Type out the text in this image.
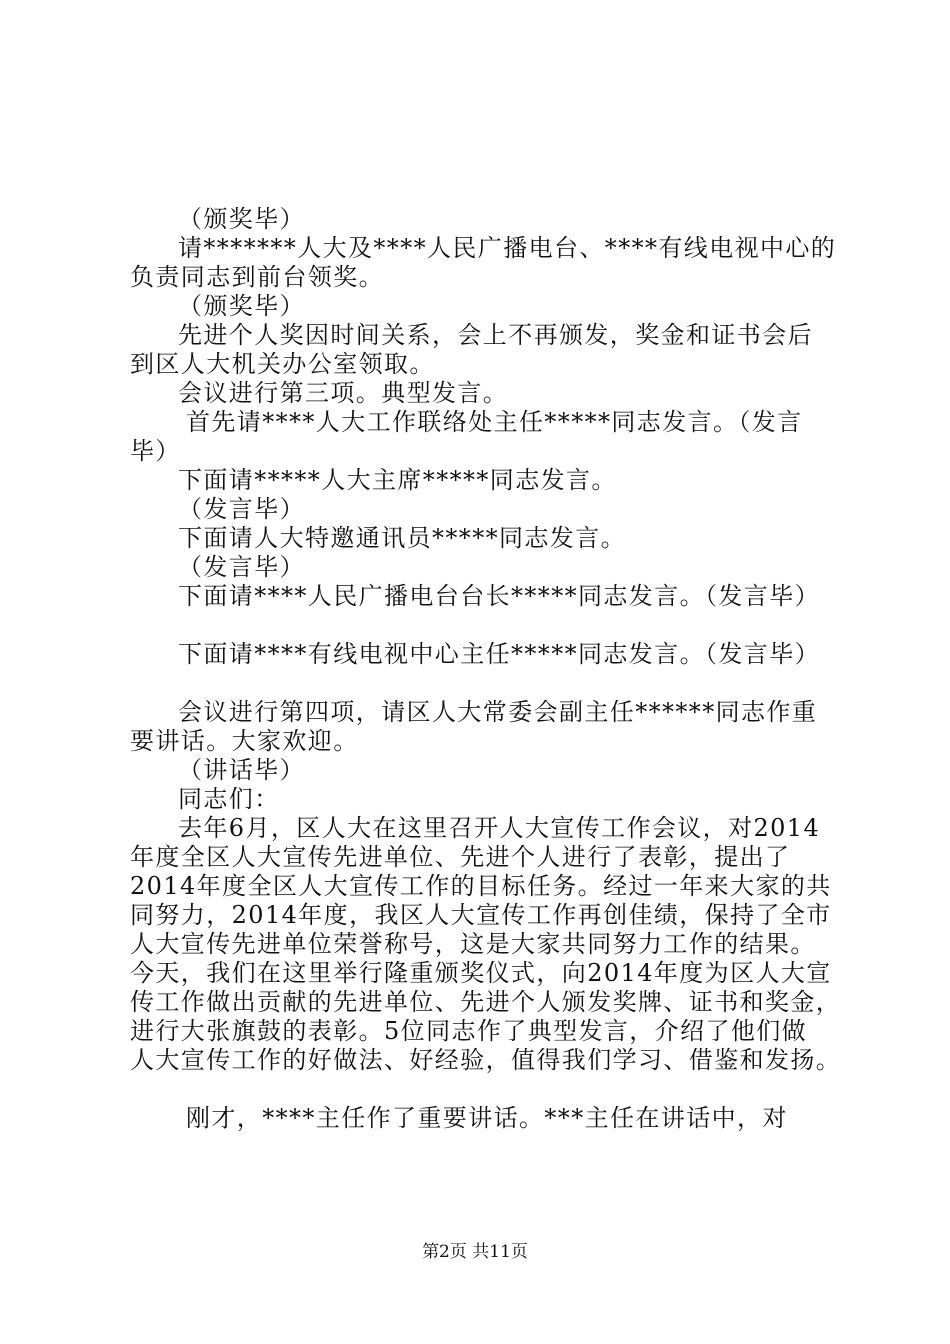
（颁奖毕）
请*******人大及****人民广播电台、****有线电视中心的
负责同志到前台领奖。
（颁奖毕）
先进个人奖因时间关系，会上不再颁发，奖金和证书会后
到区人大机关办公室领取。
会议进行第三项。典型发言。
首先请****人大工作联络处主任*****同志发言。（发言
毕）
下面请*****人大主席*****同志发言。
（发言毕）
下面请人大特邀通讯员*****同志发言。
（发言毕）
下面请****人民广播电台台长*****同志发言。（发言毕）
下面请****有线电视中心主任*****同志发言。（发言毕）
会议进行第四项，请区人大常委会副主任******同志作重
要讲话。大家欢迎。
（讲话毕）
同志们：
去年6月，区人大在这里召开人大宣传工作会议，对2014
年度全区人大宣传先进单位、先进个人进行了表彰，提出了
2014年度全区人大宣传工作的目标任务。经过一年来大家的共
同努力，2014年度，我区人大宣传工作再创佳绩，保持了全市
人大宣传先进单位荣誉称号，这是大家共同努力工作的结果。
今天，我们在这里举行隆重颁奖仪式，向2014年度为区人大宣
传工作做出贡献的先进单位、先进个人颁发奖牌、证书和奖金，
进行大张旗鼓的表彰。5位同志作了典型发言，介绍了他们做
人大宣传工作的好做法、好经验，值得我们学习、借鉴和发扬。
刚才，****主任作了重要讲话。***主任在讲话中，对
第2页 共11页
